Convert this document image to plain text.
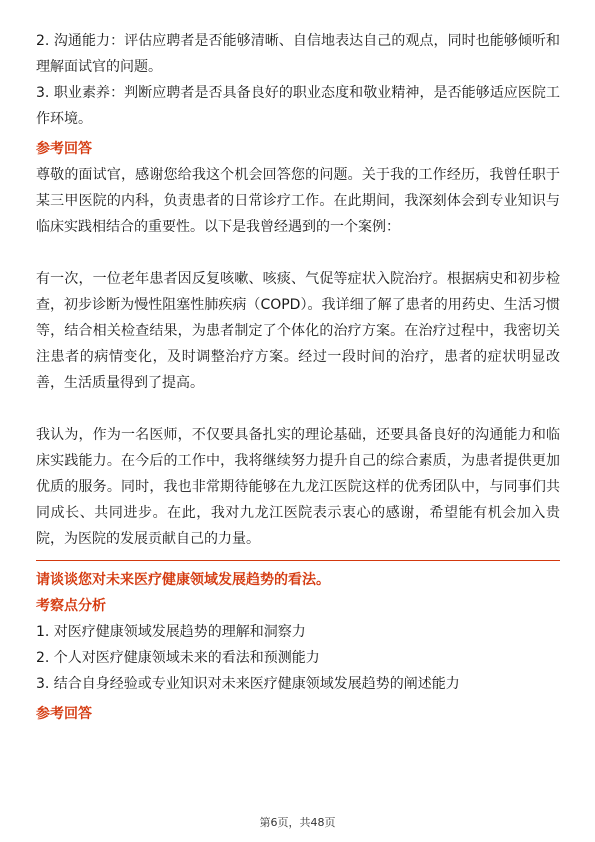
2. 沟通能力：评估应聘者是否能够清晰、自信地表达自己的观点，同时也能够倾听和理解面试官的问题。

3. 职业素养：判断应聘者是否具备良好的职业态度和敬业精神，是否能够适应医院工作环境。

参考回答

尊敬的面试官，感谢您给我这个机会回答您的问题。关于我的工作经历，我曾任职于某三甲医院的内科，负责患者的日常诊疗工作。在此期间，我深刻体会到专业知识与临床实践相结合的重要性。以下是我曾经遇到的一个案例：

有一次，一位老年患者因反复咳嗽、咳痰、气促等症状入院治疗。根据病史和初步检查，初步诊断为慢性阻塞性肺疾病（COPD）。我详细了解了患者的用药史、生活习惯等，结合相关检查结果，为患者制定了个体化的治疗方案。在治疗过程中，我密切关注患者的病情变化，及时调整治疗方案。经过一段时间的治疗，患者的症状明显改善，生活质量得到了提高。

我认为，作为一名医师，不仅要具备扎实的理论基础，还要具备良好的沟通能力和临床实践能力。在今后的工作中，我将继续努力提升自己的综合素质，为患者提供更加优质的服务。同时，我也非常期待能够在九龙江医院这样的优秀团队中，与同事们共同成长、共同进步。在此，我对九龙江医院表示衷心的感谢，希望能有机会加入贵院，为医院的发展贡献自己的力量。

请谈谈您对未来医疗健康领域发展趋势的看法。

考察点分析

1. 对医疗健康领域发展趋势的理解和洞察力

2. 个人对医疗健康领域未来的看法和预测能力

3. 结合自身经验或专业知识对未来医疗健康领域发展趋势的阐述能力

参考回答

第6页，共48页
